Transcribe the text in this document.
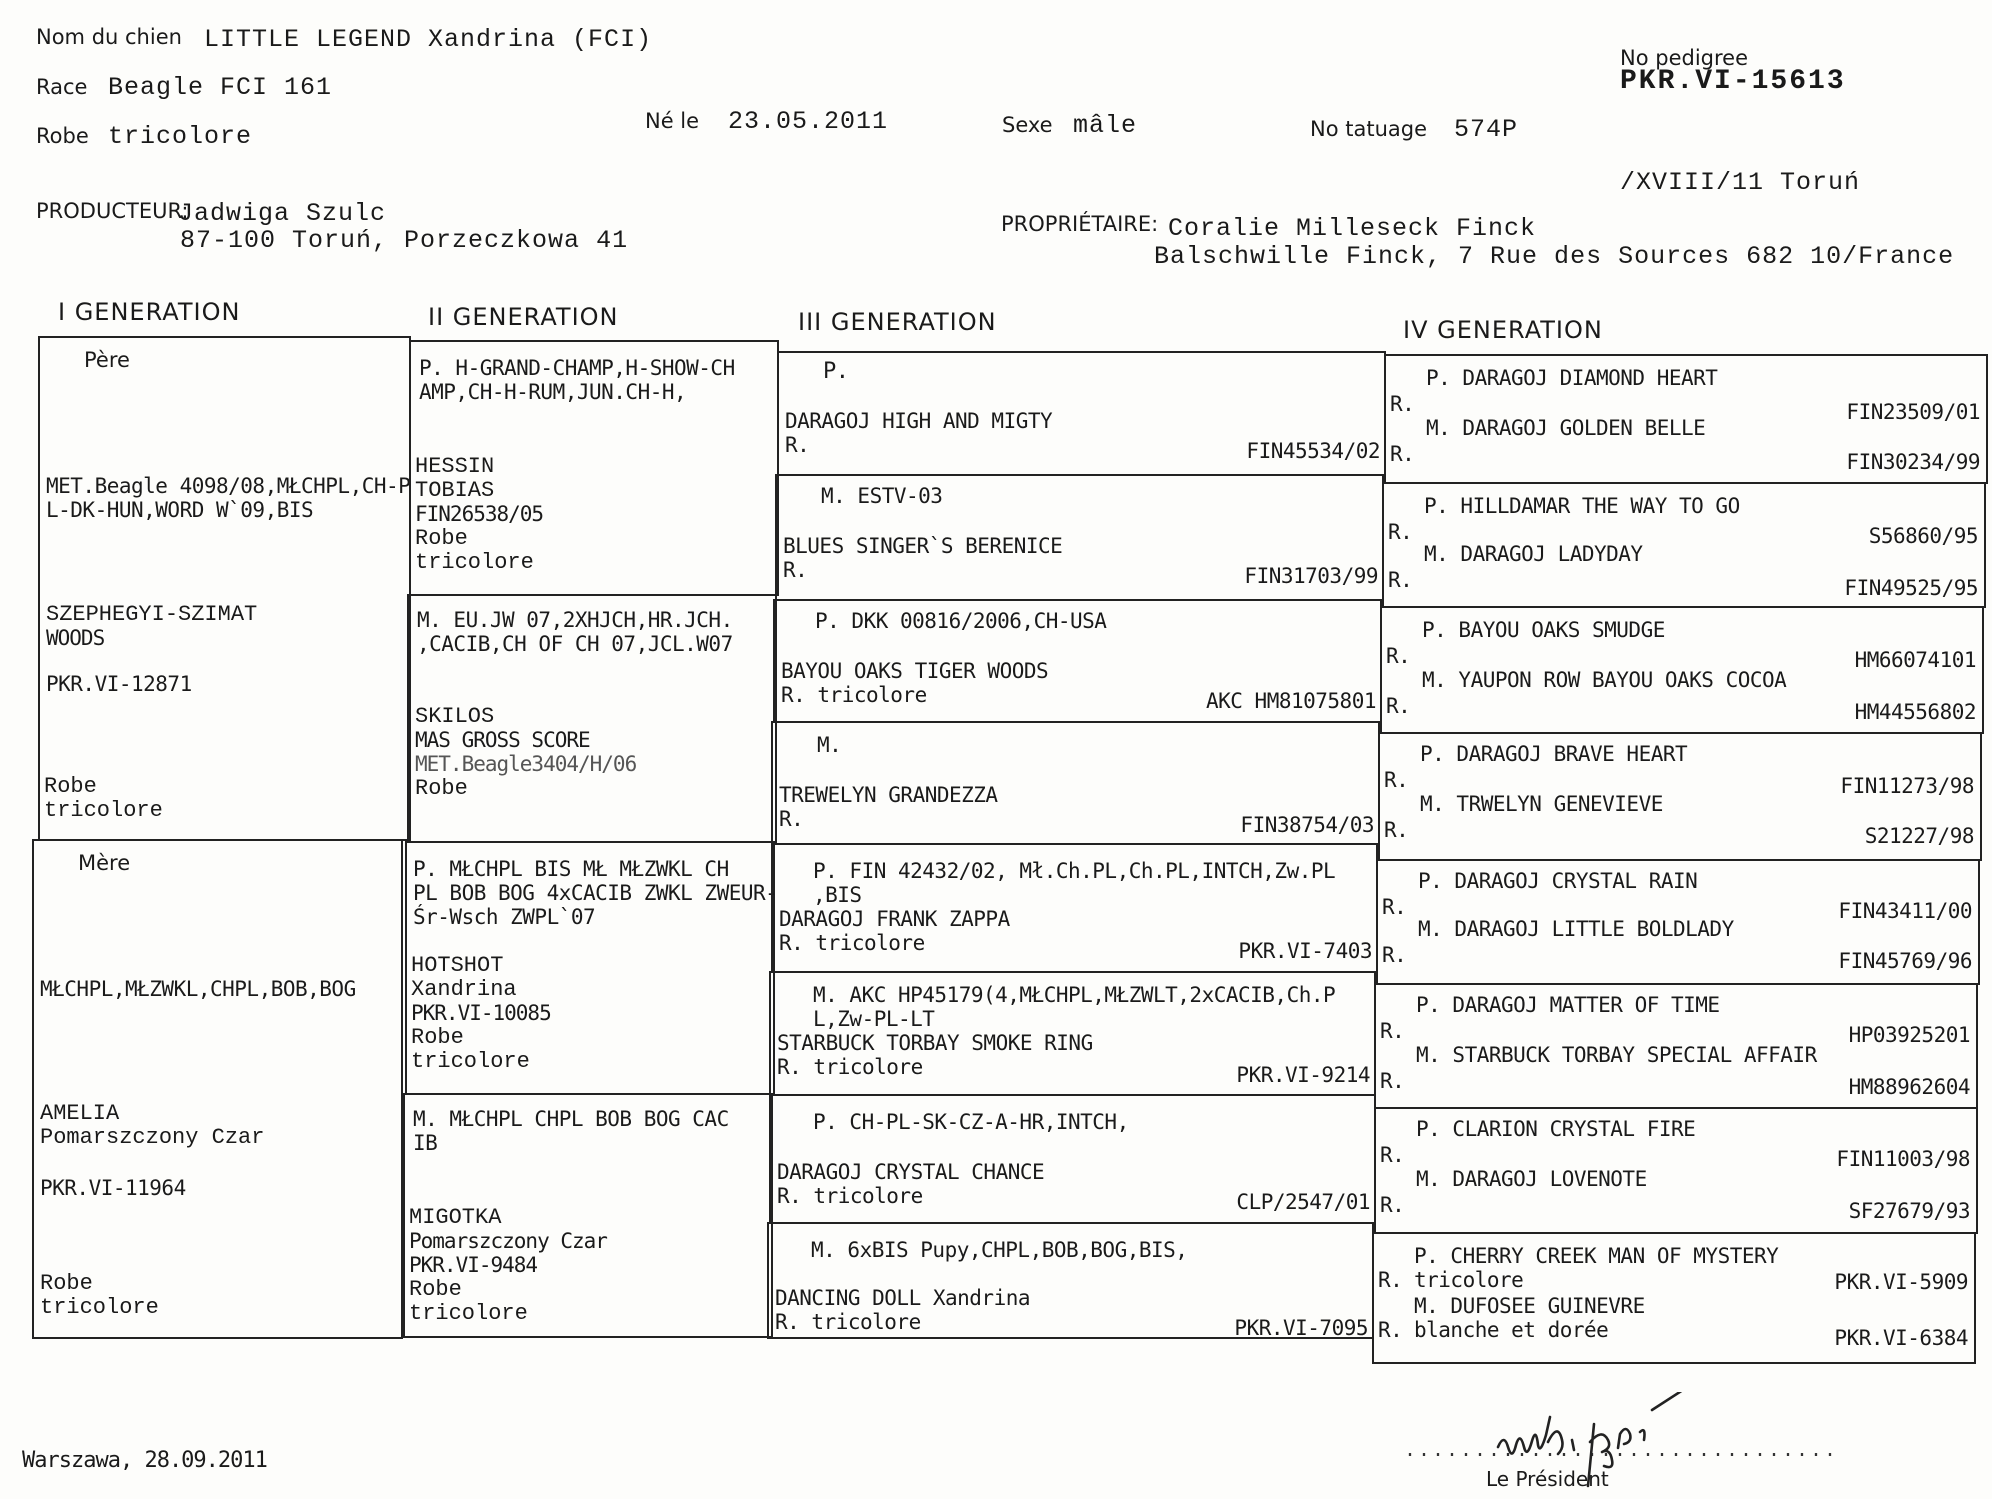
Nom du chien LITTLE LEGEND Xandrina (FCI)
Race Beagle FCI 161
Robe tricolore
Né le 23.05.2011	Sexe mâle	No tatuage 574P
No pedigree
PKR.VI-15613
/XVIII/11 Toruń
PRODUCTEUR:
Jadwiga Szulc
87-100 Toruń, Porzeczkowa 41
PROPRIÉTAIRE: Coralie Milleseck Finck
Balschwille Finck, 7 Rue des Sources 682 10/France
I GENERATION	II GENERATION	III GENERATION	IV GENERATION
Père
MET.Beagle 4098/08,MŁCHPL,CH-P
L-DK-HUN,WORD W`09,BIS
SZEPHEGYI-SZIMAT
WOODS
PKR.VI-12871
Robe
tricolore
Mère
MŁCHPL,MŁZWKL,CHPL,BOB,BOG
AMELIA
Pomarszczony Czar
PKR.VI-11964
Robe
tricolore
P. H-GRAND-CHAMP,H-SHOW-CH
AMP,CH-H-RUM,JUN.CH-H,
HESSIN
TOBIAS
FIN26538/05
Robe
tricolore
M. EU.JW 07,2XHJCH,HR.JCH.
,CACIB,CH OF CH 07,JCL.W07
SKILOS
MAS GROSS SCORE
MET.Beagle3404/H/06
Robe
P. MŁCHPL BIS MŁ MŁZWKL CH
PL BOB BOG 4xCACIB ZWKL ZWEUR-
Śr-Wsch ZWPL`07
HOTSHOT
Xandrina
PKR.VI-10085
Robe
tricolore
M. MŁCHPL CHPL BOB BOG CAC
IB
MIGOTKA
Pomarszczony Czar
PKR.VI-9484
Robe
tricolore
P.
DARAGOJ HIGH AND MIGTY
R.	FIN45534/02
M. ESTV-03
BLUES SINGER`S BERENICE
R.	FIN31703/99
P. DKK 00816/2006,CH-USA
BAYOU OAKS TIGER WOODS
R. tricolore	AKC HM81075801
M.
TREWELYN GRANDEZZA
R.	FIN38754/03
P. FIN 42432/02, Mł.Ch.PL,Ch.PL,INTCH,Zw.PL
,BIS
DARAGOJ FRANK ZAPPA
R. tricolore	PKR.VI-7403
M. AKC HP45179(4,MŁCHPL,MŁZWLT,2xCACIB,Ch.P
L,Zw-PL-LT
STARBUCK TORBAY SMOKE RING
R. tricolore	PKR.VI-9214
P. CH-PL-SK-CZ-A-HR,INTCH,
DARAGOJ CRYSTAL CHANCE
R. tricolore	CLP/2547/01
M. 6xBIS Pupy,CHPL,BOB,BOG,BIS,
DANCING DOLL Xandrina
R. tricolore	PKR.VI-7095
P. DARAGOJ DIAMOND HEART
R.	FIN23509/01
M. DARAGOJ GOLDEN BELLE
R.	FIN30234/99
P. HILLDAMAR THE WAY TO GO
R.	S56860/95
M. DARAGOJ LADYDAY
R.	FIN49525/95
P. BAYOU OAKS SMUDGE
R.	HM66074101
M. YAUPON ROW BAYOU OAKS COCOA
R.	HM44556802
P. DARAGOJ BRAVE HEART
R.	FIN11273/98
M. TRWELYN GENEVIEVE
R.	S21227/98
P. DARAGOJ CRYSTAL RAIN
R.	FIN43411/00
M. DARAGOJ LITTLE BOLDLADY
R.	FIN45769/96
P. DARAGOJ MATTER OF TIME
R.	HP03925201
M. STARBUCK TORBAY SPECIAL AFFAIR
R.	HM88962604
P. CLARION CRYSTAL FIRE
R.	FIN11003/98
M. DARAGOJ LOVENOTE
R.	SF27679/93
P. CHERRY CREEK MAN OF MYSTERY
R. tricolore	PKR.VI-5909
M. DUFOSEE GUINEVRE
R. blanche et dorée	PKR.VI-6384
Warszawa, 28.09.2011	...............................
Le Président
